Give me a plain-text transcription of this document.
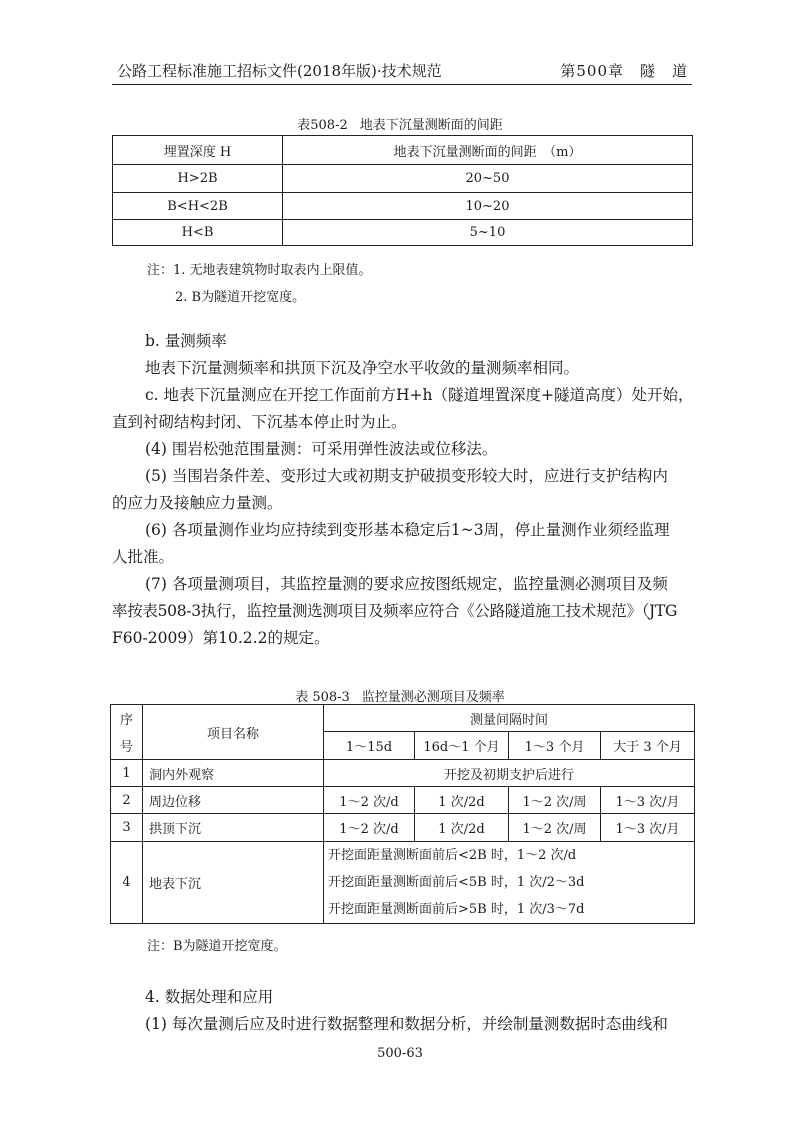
公路工程标准施工招标文件(2018年版)·技术规范	第500章　隧　道
表508-2 地表下沉量测断面的间距
埋置深度 H	地表下沉量测断面的间距　（m）
H>2B	20~50
B<H<2B	10~20
H<B	5~10
注：1. 无地表建筑物时取表内上限值。
2. B为隧道开挖宽度。

b. 量测频率

地表下沉量测频率和拱顶下沉及净空水平收敛的量测频率相同。

c. 地表下沉量测应在开挖工作面前方H+h（隧道埋置深度+隧道高度）处开始，

直到衬砌结构封闭、下沉基本停止时为止。

(4) 围岩松弛范围量测：可采用弹性波法或位移法。

(5) 当围岩条件差、变形过大或初期支护破损变形较大时，应进行支护结构内

的应力及接触应力量测。

(6) 各项量测作业均应持续到变形基本稳定后1~3周，停止量测作业须经监理

人批准。

(7) 各项量测项目，其监控量测的要求应按图纸规定，监控量测必测项目及频

率按表508-3执行，监控量测选测项目及频率应符合《公路隧道施工技术规范》（JTG

F60-2009）第10.2.2的规定。

表 508-3 监控量测必测项目及频率
序	项目名称	测量间隔时间			
号		1～15d	16d～1 个月	1～3 个月	大于 3 个月
1	洞内外观察	开挖及初期支护后进行			
2	周边位移	1～2 次/d	1 次/2d	1～2 次/周	1～3 次/月
3	拱顶下沉	1～2 次/d	1 次/2d	1～2 次/周	1～3 次/月
4	地表下沉	开挖面距量测断面前后<2B 时，1～2 次/d
开挖面距量测断面前后<5B 时，1 次/2～3d
开挖面距量测断面前后>5B 时，1 次/3～7d			
注：B为隧道开挖宽度。

4. 数据处理和应用

(1) 每次量测后应及时进行数据整理和数据分析，并绘制量测数据时态曲线和

500-63
